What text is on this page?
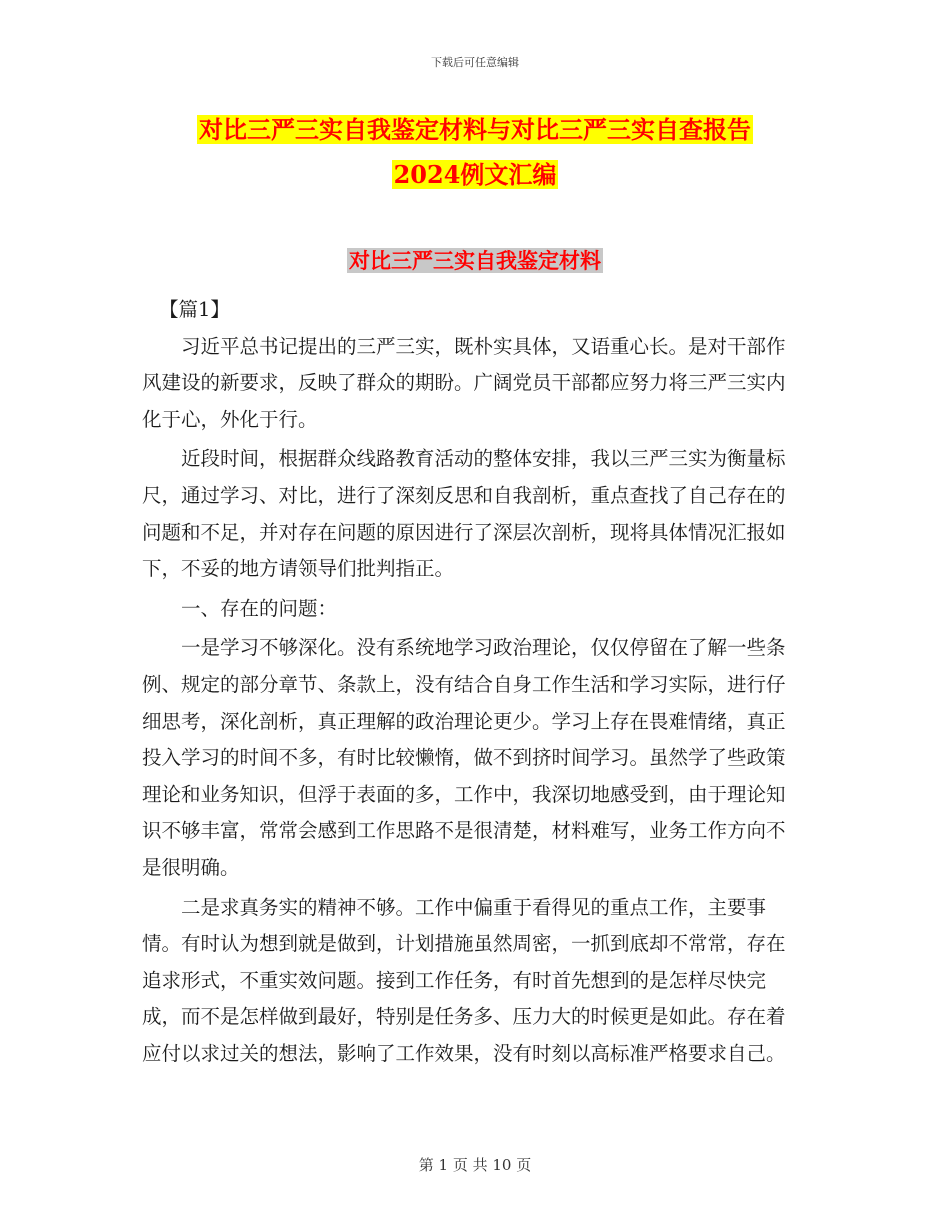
下载后可任意编辑
对比三严三实自我鉴定材料与对比三严三实自查报告
2024例文汇编
对比三严三实自我鉴定材料

【篇1】

习近平总书记提出的三严三实，既朴实具体，又语重心长。是对干部作风建设的新要求，反映了群众的期盼。广阔党员干部都应努力将三严三实内化于心，外化于行。

近段时间，根据群众线路教育活动的整体安排，我以三严三实为衡量标尺，通过学习、对比，进行了深刻反思和自我剖析，重点查找了自己存在的问题和不足，并对存在问题的原因进行了深层次剖析，现将具体情况汇报如下，不妥的地方请领导们批判指正。

一、存在的问题：

一是学习不够深化。没有系统地学习政治理论，仅仅停留在了解一些条例、规定的部分章节、条款上，没有结合自身工作生活和学习实际，进行仔细思考，深化剖析，真正理解的政治理论更少。学习上存在畏难情绪，真正投入学习的时间不多，有时比较懒惰，做不到挤时间学习。虽然学了些政策理论和业务知识，但浮于表面的多，工作中，我深切地感受到，由于理论知识不够丰富，常常会感到工作思路不是很清楚，材料难写，业务工作方向不是很明确。

二是求真务实的精神不够。工作中偏重于看得见的重点工作，主要事情。有时认为想到就是做到，计划措施虽然周密，一抓到底却不常常，存在追求形式，不重实效问题。接到工作任务，有时首先想到的是怎样尽快完成，而不是怎样做到最好，特别是任务多、压力大的时候更是如此。存在着应付以求过关的想法，影响了工作效果，没有时刻以高标准严格要求自己。

第 1 页 共 10 页
